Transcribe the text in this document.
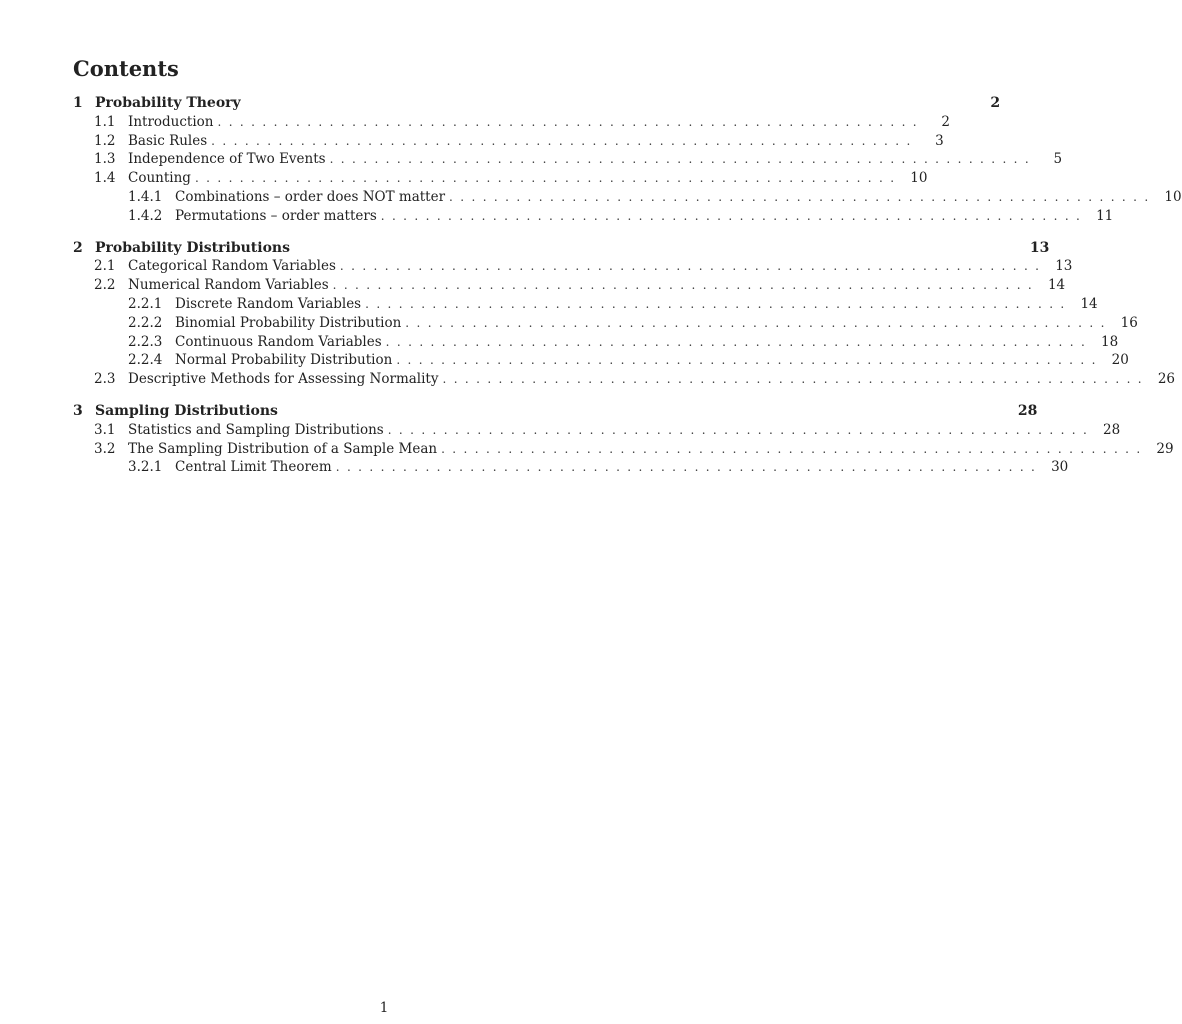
Contents
1 Probability Theory	2
1.1 Introduction ...............................................................	2
1.2 Basic Rules ...............................................................	3
1.3 Independence of Two Events ...............................................................	5
1.4 Counting ............................................................... 10
1.4.1 Combinations – order does NOT matter ............................................................... 10
1.4.2 Permutations – order matters ............................................................... 11
2 Probability Distributions	13
2.1 Categorical Random Variables ............................................................... 13
2.2 Numerical Random Variables ............................................................... 14
2.2.1 Discrete Random Variables ............................................................... 14
2.2.2 Binomial Probability Distribution ............................................................... 16
2.2.3 Continuous Random Variables ............................................................... 18
2.2.4 Normal Probability Distribution ............................................................... 20
2.3 Descriptive Methods for Assessing Normality ............................................................... 26
3 Sampling Distributions	28
3.1 Statistics and Sampling Distributions ............................................................... 28
3.2 The Sampling Distribution of a Sample Mean ............................................................... 29
3.2.1 Central Limit Theorem ............................................................... 30
1
